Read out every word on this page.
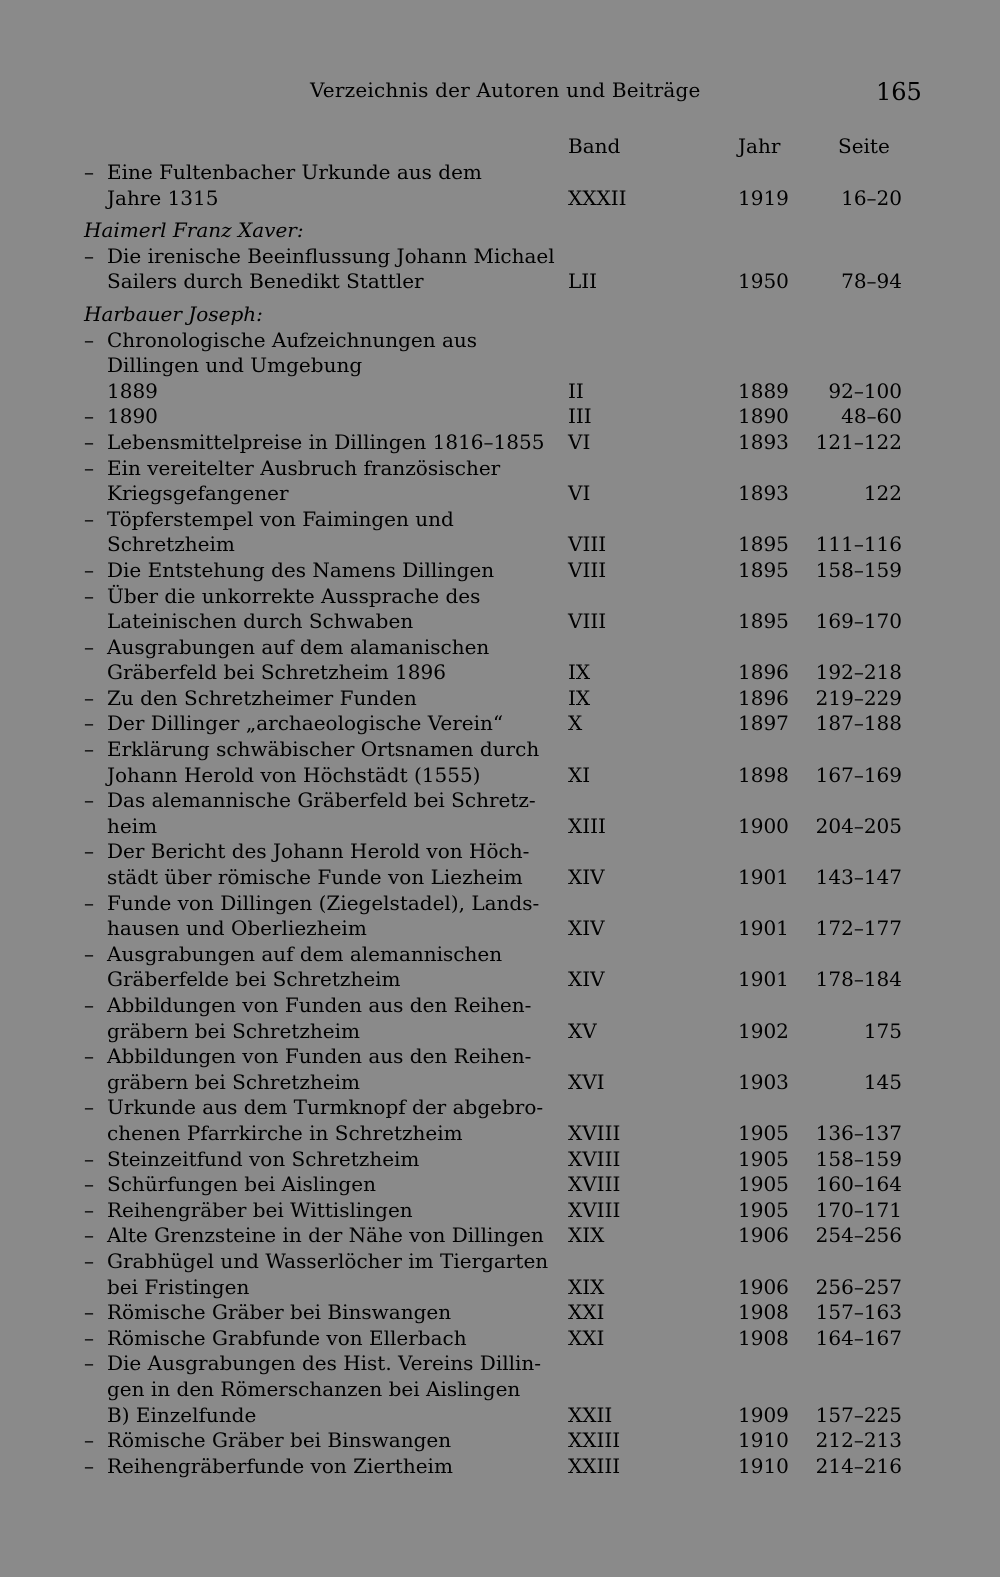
Verzeichnis der Autoren und Beiträge	165
Band	Jahr	Seite
– Eine Fultenbacher Urkunde aus dem
Jahre 1315	XXXII	1919	16–20
Haimerl Franz Xaver:
– Die irenische Beeinflussung Johann Michael
Sailers durch Benedikt Stattler	LII	1950	78–94
Harbauer Joseph:
– Chronologische Aufzeichnungen aus
Dillingen und Umgebung
1889	II	1889	92–100
– 1890	III	1890	48–60
– Lebensmittelpreise in Dillingen 1816–1855 VI	1893	121–122
– Ein vereitelter Ausbruch französischer
Kriegsgefangener	VI	1893	122
– Töpferstempel von Faimingen und
Schretzheim	VIII	1895	111–116
– Die Entstehung des Namens Dillingen	VIII	1895	158–159
– Über die unkorrekte Aussprache des
Lateinischen durch Schwaben	VIII	1895	169–170
– Ausgrabungen auf dem alamanischen
Gräberfeld bei Schretzheim 1896	IX	1896	192–218
– Zu den Schretzheimer Funden	IX	1896	219–229
– Der Dillinger „archaeologische Verein“	X	1897	187–188
– Erklärung schwäbischer Ortsnamen durch
Johann Herold von Höchstädt (1555)	XI	1898	167–169
– Das alemannische Gräberfeld bei Schretz-
heim	XIII	1900	204–205
– Der Bericht des Johann Herold von Höch-
städt über römische Funde von Liezheim XIV	1901	143–147
– Funde von Dillingen (Ziegelstadel), Lands-
hausen und Oberliezheim	XIV	1901	172–177
– Ausgrabungen auf dem alemannischen
Gräberfelde bei Schretzheim	XIV	1901	178–184
– Abbildungen von Funden aus den Reihen-
gräbern bei Schretzheim	XV	1902	175
– Abbildungen von Funden aus den Reihen-
gräbern bei Schretzheim	XVI	1903	145
– Urkunde aus dem Turmknopf der abgebro-
chenen Pfarrkirche in Schretzheim	XVIII	1905	136–137
– Steinzeitfund von Schretzheim	XVIII	1905	158–159
– Schürfungen bei Aislingen	XVIII	1905	160–164
– Reihengräber bei Wittislingen	XVIII	1905	170–171
– Alte Grenzsteine in der Nähe von Dillingen XIX	1906	254–256
– Grabhügel und Wasserlöcher im Tiergarten
bei Fristingen	XIX	1906	256–257
– Römische Gräber bei Binswangen	XXI	1908	157–163
– Römische Grabfunde von Ellerbach	XXI	1908	164–167
– Die Ausgrabungen des Hist. Vereins Dillin-
gen in den Römerschanzen bei Aislingen
B) Einzelfunde	XXII	1909	157–225
– Römische Gräber bei Binswangen	XXIII	1910	212–213
– Reihengräberfunde von Ziertheim	XXIII	1910	214–216
